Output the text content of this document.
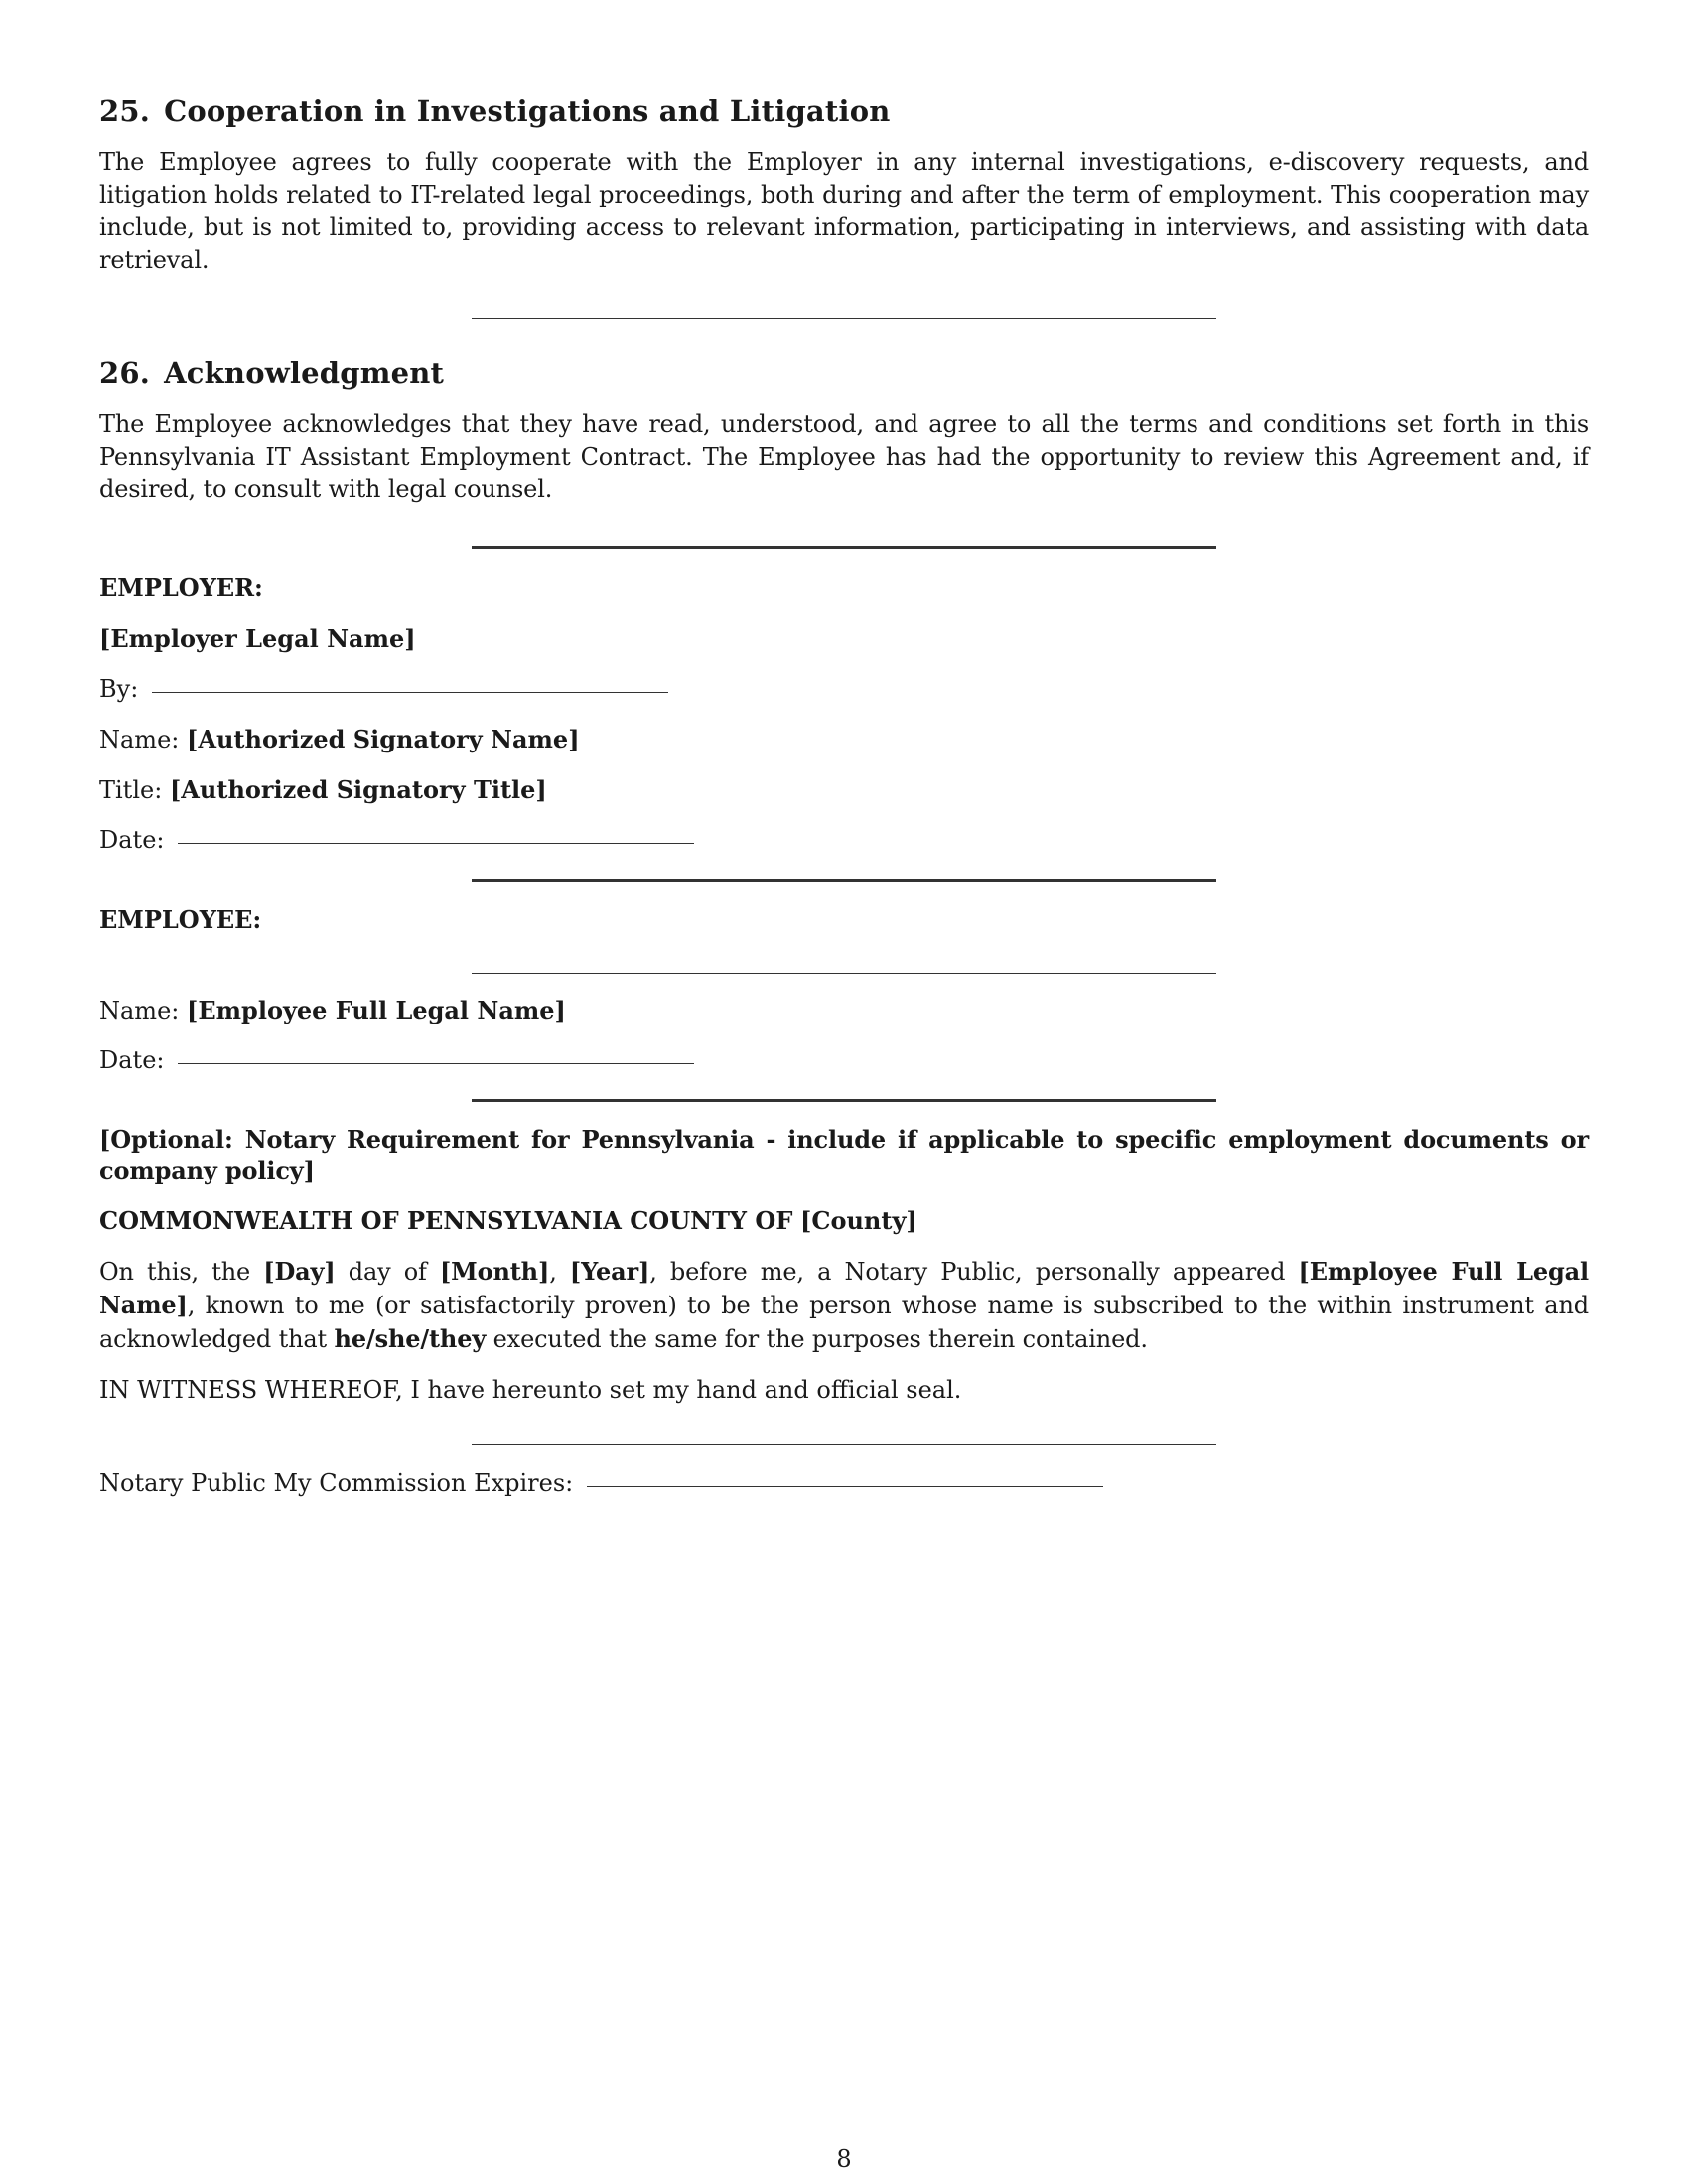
25. Cooperation in Investigations and Litigation

The Employee agrees to fully cooperate with the Employer in any internal investigations, e-discovery requests, and litigation holds related to IT-related legal proceedings, both during and after the term of employment. This cooperation may include, but is not limited to, providing access to relevant information, participating in interviews, and assisting with data retrieval.

26. Acknowledgment

The Employee acknowledges that they have read, understood, and agree to all the terms and conditions set forth in this Pennsylvania IT Assistant Employment Contract. The Employee has had the opportunity to review this Agreement and, if desired, to consult with legal counsel.

EMPLOYER:

[Employer Legal Name]

By:

Name: [Authorized Signatory Name]

Title: [Authorized Signatory Title]

Date:

EMPLOYEE:

Name: [Employee Full Legal Name]

Date:

[Optional: Notary Requirement for Pennsylvania - include if applicable to specific employment documents or company policy]

COMMONWEALTH OF PENNSYLVANIA COUNTY OF [County]

On this, the [Day] day of [Month], [Year], before me, a Notary Public, personally appeared [Employee Full Legal Name], known to me (or satisfactorily proven) to be the person whose name is subscribed to the within instrument and acknowledged that he/she/they executed the same for the purposes therein contained.

IN WITNESS WHEREOF, I have hereunto set my hand and official seal.

Notary Public My Commission Expires:

8
